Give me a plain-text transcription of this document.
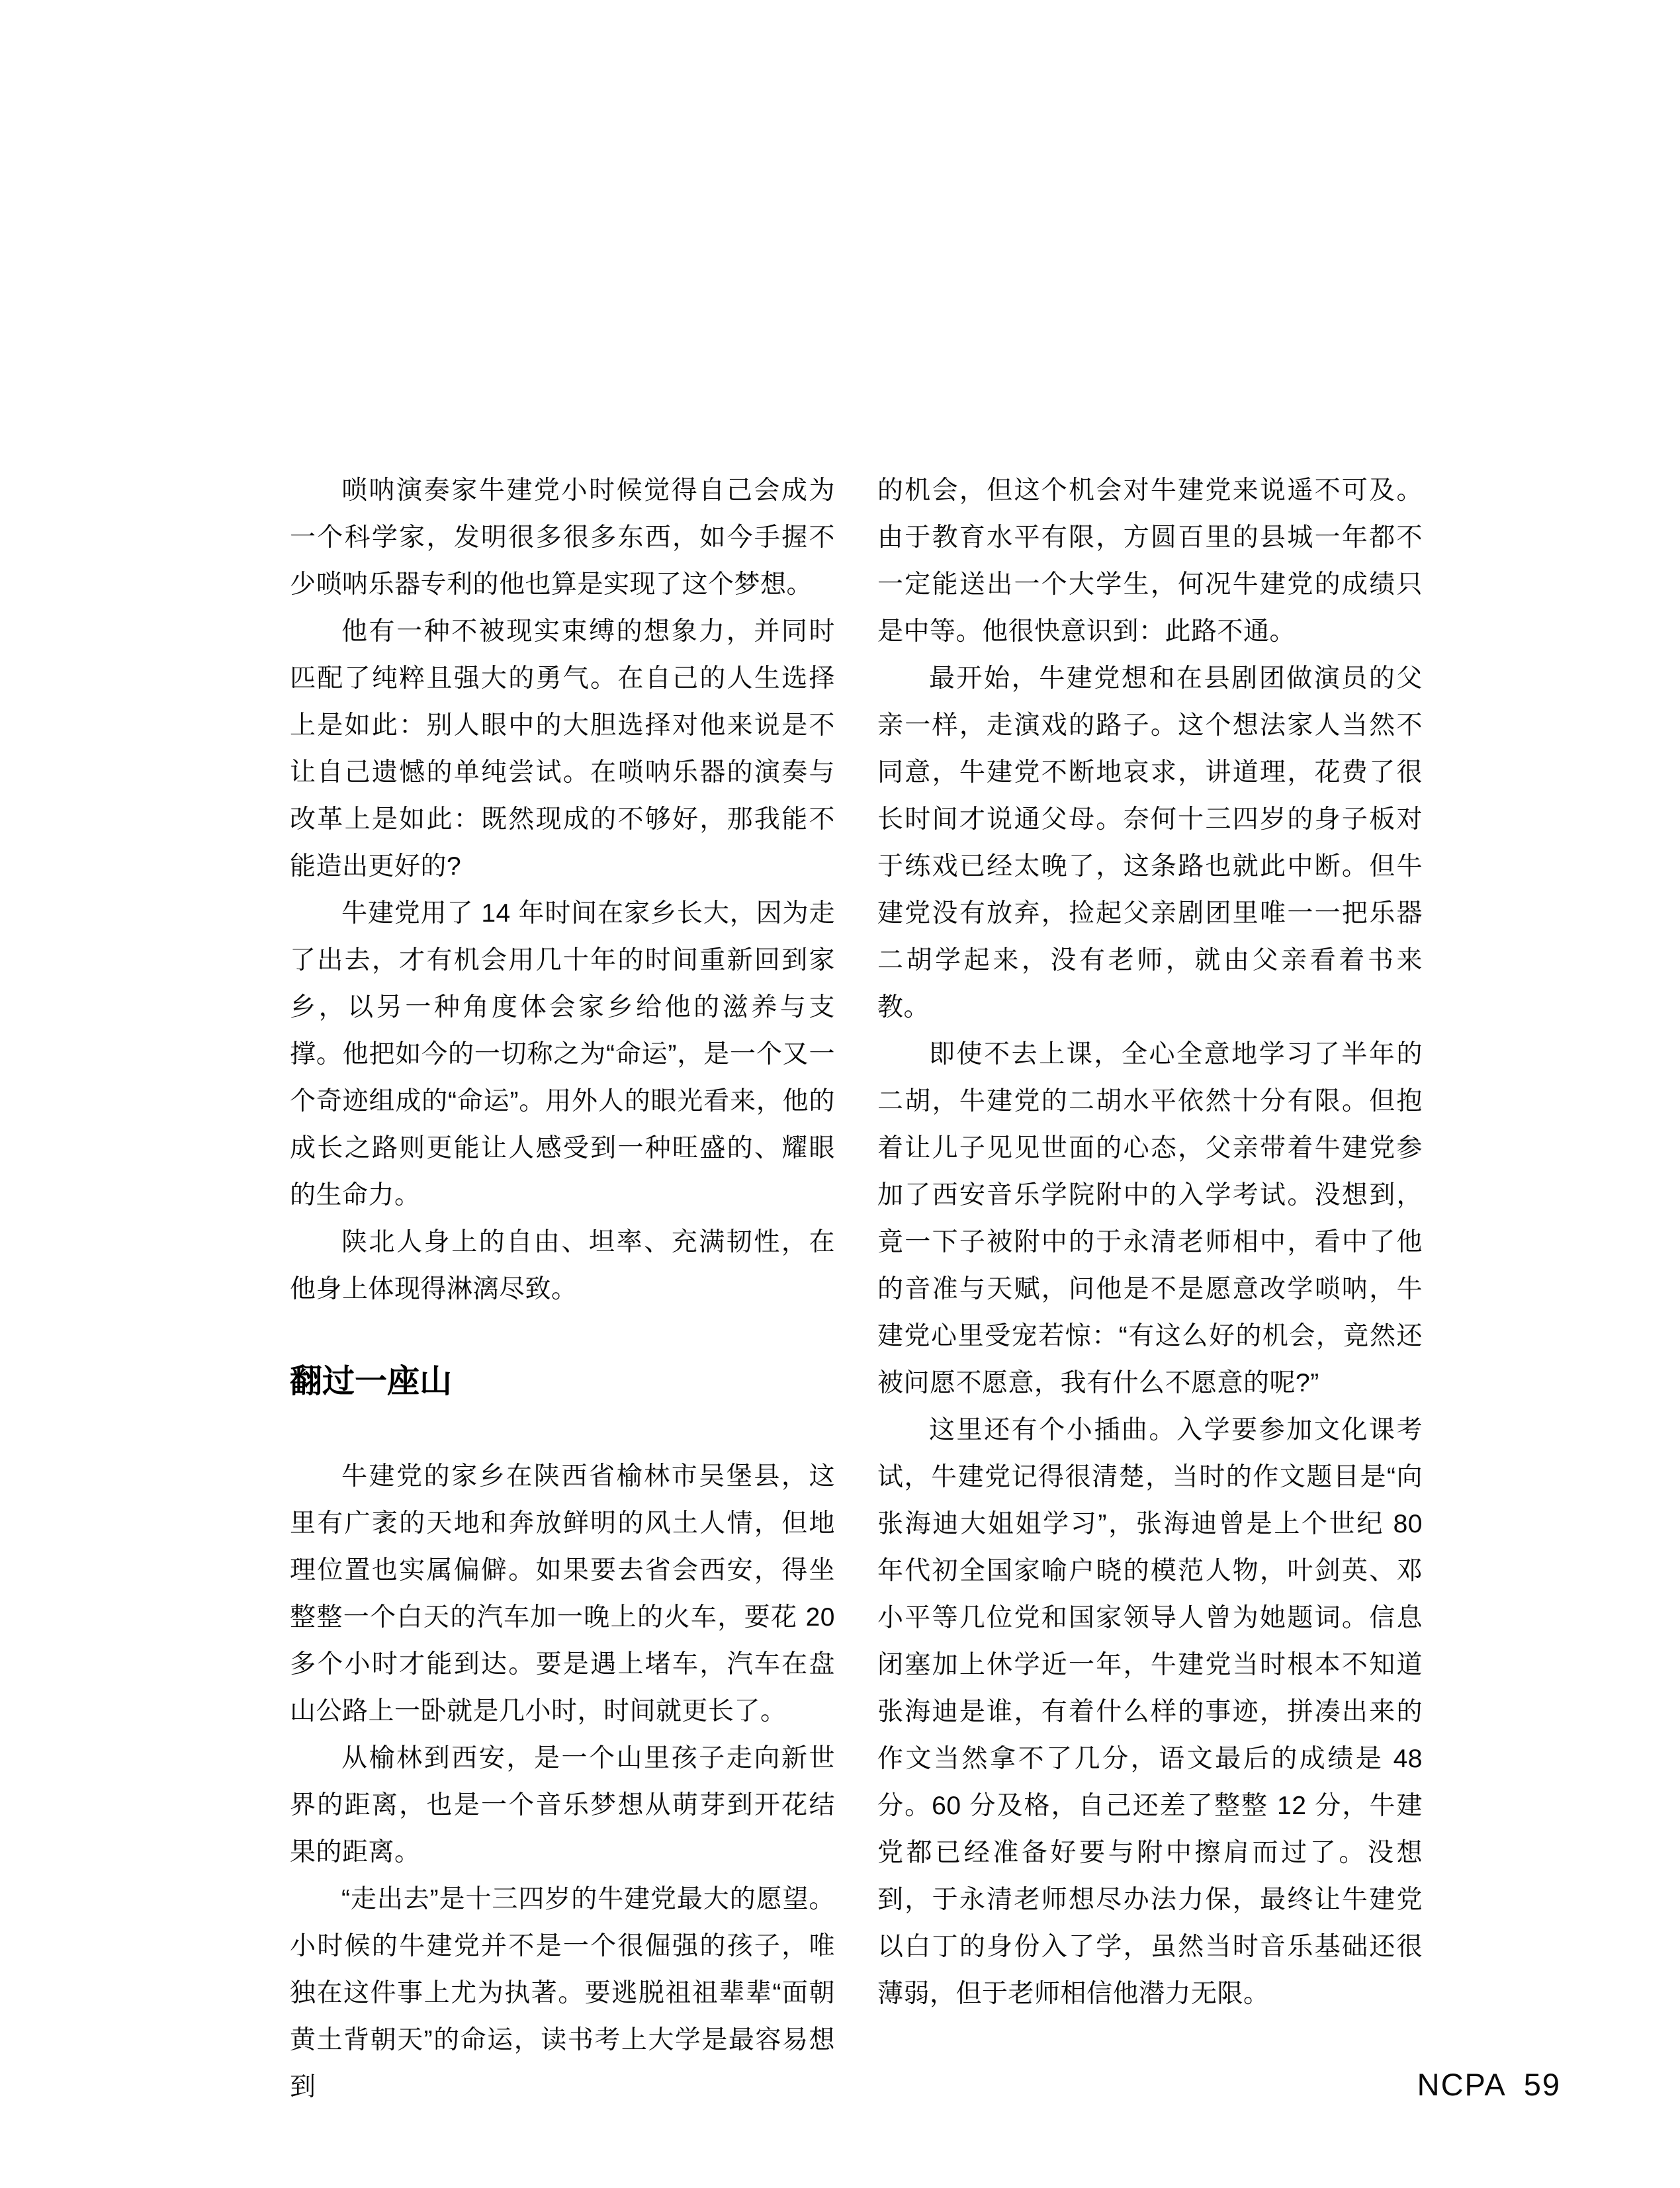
唢呐演奏家牛建党小时候觉得自己会成为一个科学家，发明很多很多东西，如今手握不少唢呐乐器专利的他也算是实现了这个梦想。

他有一种不被现实束缚的想象力，并同时匹配了纯粹且强大的勇气。在自己的人生选择上是如此：别人眼中的大胆选择对他来说是不让自己遗憾的单纯尝试。在唢呐乐器的演奏与改革上是如此：既然现成的不够好，那我能不能造出更好的?

牛建党用了 14 年时间在家乡长大，因为走了出去，才有机会用几十年的时间重新回到家乡，以另一种角度体会家乡给他的滋养与支撑。他把如今的一切称之为“命运”，是一个又一个奇迹组成的“命运”。用外人的眼光看来，他的成长之路则更能让人感受到一种旺盛的、耀眼的生命力。

陕北人身上的自由、坦率、充满韧性，在他身上体现得淋漓尽致。

翻过一座山

牛建党的家乡在陕西省榆林市吴堡县，这里有广袤的天地和奔放鲜明的风土人情，但地理位置也实属偏僻。如果要去省会西安，得坐整整一个白天的汽车加一晚上的火车，要花 20 多个小时才能到达。要是遇上堵车，汽车在盘山公路上一卧就是几小时，时间就更长了。

从榆林到西安，是一个山里孩子走向新世界的距离，也是一个音乐梦想从萌芽到开花结果的距离。

“走出去”是十三四岁的牛建党最大的愿望。小时候的牛建党并不是一个很倔强的孩子，唯独在这件事上尤为执著。要逃脱祖祖辈辈“面朝黄土背朝天”的命运，读书考上大学是最容易想到

的机会，但这个机会对牛建党来说遥不可及。由于教育水平有限，方圆百里的县城一年都不一定能送出一个大学生，何况牛建党的成绩只是中等。他很快意识到：此路不通。

最开始，牛建党想和在县剧团做演员的父亲一样，走演戏的路子。这个想法家人当然不同意，牛建党不断地哀求，讲道理，花费了很长时间才说通父母。奈何十三四岁的身子板对于练戏已经太晚了，这条路也就此中断。但牛建党没有放弃，捡起父亲剧团里唯一一把乐器二胡学起来，没有老师，就由父亲看着书来教。

即使不去上课，全心全意地学习了半年的二胡，牛建党的二胡水平依然十分有限。但抱着让儿子见见世面的心态，父亲带着牛建党参加了西安音乐学院附中的入学考试。没想到，竟一下子被附中的于永清老师相中，看中了他的音准与天赋，问他是不是愿意改学唢呐，牛建党心里受宠若惊：“有这么好的机会，竟然还被问愿不愿意，我有什么不愿意的呢?”

这里还有个小插曲。入学要参加文化课考试，牛建党记得很清楚，当时的作文题目是“向张海迪大姐姐学习”，张海迪曾是上个世纪 80 年代初全国家喻户晓的模范人物，叶剑英、邓小平等几位党和国家领导人曾为她题词。信息闭塞加上休学近一年，牛建党当时根本不知道张海迪是谁，有着什么样的事迹，拼凑出来的作文当然拿不了几分，语文最后的成绩是 48 分。60 分及格，自己还差了整整 12 分，牛建党都已经准备好要与附中擦肩而过了。没想到，于永清老师想尽办法力保，最终让牛建党以白丁的身份入了学，虽然当时音乐基础还很薄弱，但于老师相信他潜力无限。

NCPA 59
